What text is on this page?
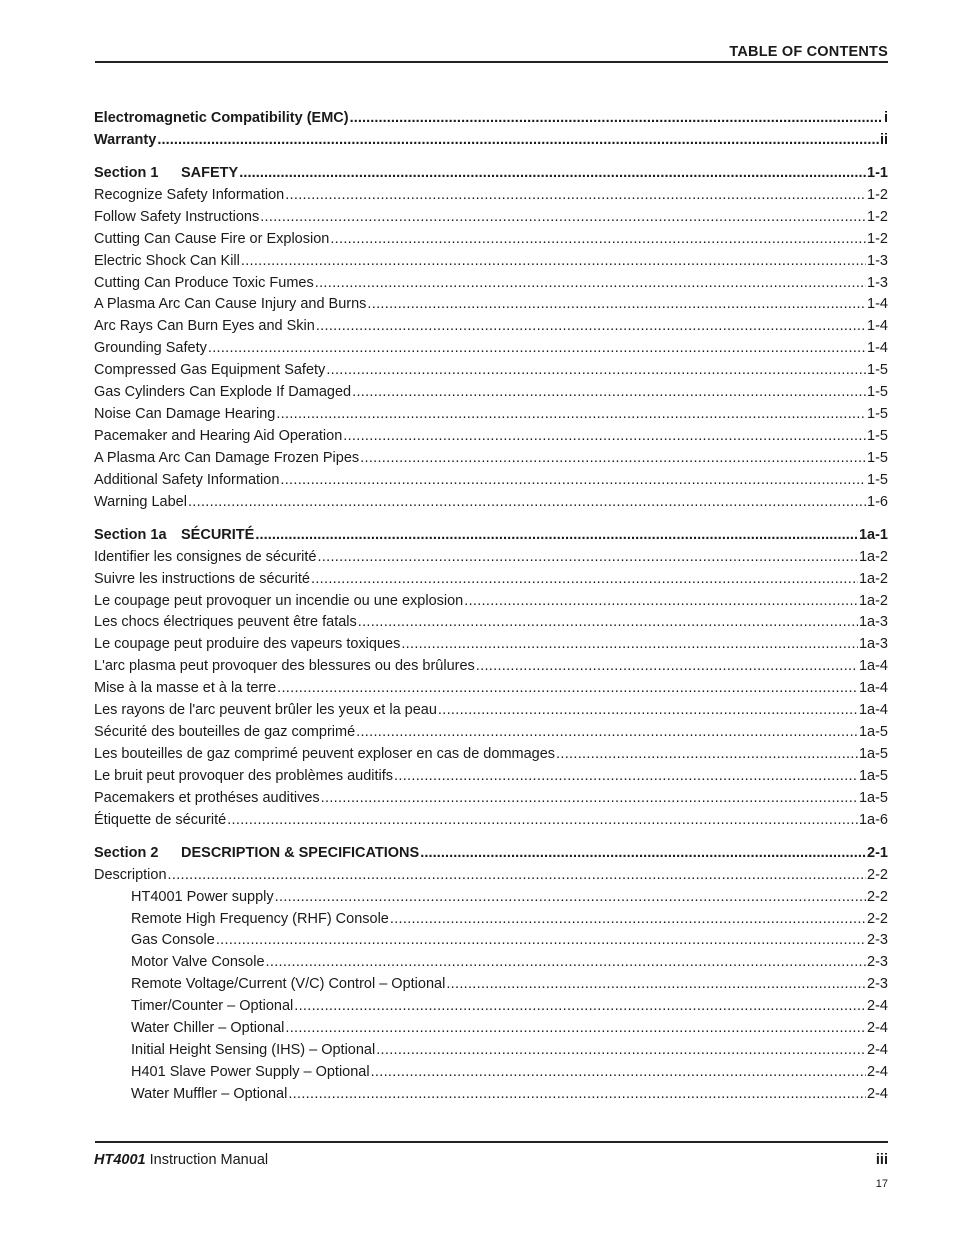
TABLE OF CONTENTS
Electromagnetic Compatibility (EMC) .....	i
Warranty .....	ii
Section 1 SAFETY .....	1-1
Recognize Safety Information .....	1-2
Follow Safety Instructions .....	1-2
Cutting Can Cause Fire or Explosion .....	1-2
Electric Shock Can Kill .....	1-3
Cutting Can Produce Toxic Fumes .....	1-3
A Plasma Arc Can Cause Injury and Burns .....	1-4
Arc Rays Can Burn Eyes and Skin .....	1-4
Grounding Safety .....	1-4
Compressed Gas Equipment Safety .....	1-5
Gas Cylinders Can Explode If Damaged .....	1-5
Noise Can Damage Hearing .....	1-5
Pacemaker and Hearing Aid Operation .....	1-5
A Plasma Arc Can Damage Frozen Pipes .....	1-5
Additional Safety Information .....	1-5
Warning Label .....	1-6
Section 1a SÉCURITÉ .....	1a-1
Identifier les consignes de sécurité .....	1a-2
Suivre les instructions de sécurité .....	1a-2
Le coupage peut provoquer un incendie ou une explosion .....	1a-2
Les chocs électriques peuvent être fatals .....	1a-3
Le coupage peut produire des vapeurs toxiques .....	1a-3
L'arc plasma peut provoquer des blessures ou des brûlures .....	1a-4
Mise à la masse et à la terre .....	1a-4
Les rayons de l'arc peuvent brûler les yeux et la peau .....	1a-4
Sécurité des bouteilles de gaz comprimé .....	1a-5
Les bouteilles de gaz comprimé peuvent exploser en cas de dommages .....	1a-5
Le bruit peut provoquer des problèmes auditifs .....	1a-5
Pacemakers et prothéses auditives .....	1a-5
Étiquette de sécurité .....	1a-6
Section 2 DESCRIPTION & SPECIFICATIONS .....	2-1
Description .....	2-2
HT4001 Power supply .....	2-2
Remote High Frequency (RHF) Console .....	2-2
Gas Console .....	2-3
Motor Valve Console .....	2-3
Remote Voltage/Current (V/C) Control – Optional .....	2-3
Timer/Counter – Optional .....	2-4
Water Chiller – Optional .....	2-4
Initial Height Sensing (IHS) – Optional .....	2-4
H401 Slave Power Supply – Optional .....	2-4
Water Muffler – Optional .....	2-4
HT4001 Instruction Manual	iii
17
